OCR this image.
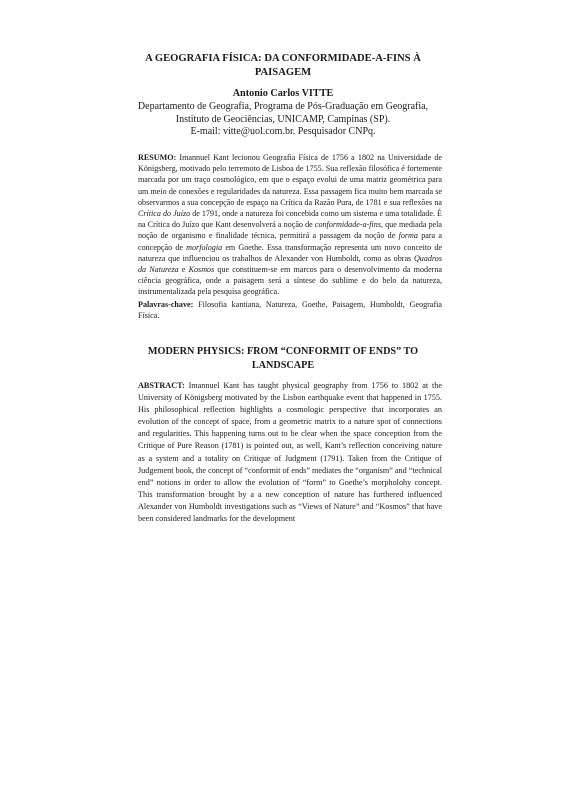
A GEOGRAFIA FÍSICA: DA CONFORMIDADE-A-FINS À PAISAGEM
Antonio Carlos VITTE
Departamento de Geografia, Programa de Pós-Graduação em Geografia,
Instituto de Geociências, UNICAMP, Campinas (SP).
E-mail: vitte@uol.com.br. Pesquisador CNPq.
RESUMO: Imannuel Kant lecionou Geografia Física de 1756 a 1802 na Universidade de Königsberg, motivado pelo terremoto de Lisboa de 1755. Sua reflexão filosófica é fortemente marcada por um traço cosmológico, em que o espaço evolui de uma matriz geométrica para um meio de conexões e regularidades da natureza. Essa passagem fica muito bem marcada se observarmos a sua concepção de espaço na Crítica da Razão Pura, de 1781 e sua reflexões na Crítica do Juízo de 1791, onde a natureza foi concebida como um sistema e uma totalidade. É na Crítica do Juízo que Kant desenvolverá a noção de conformidade-a-fins, que mediada pela noção de organismo e finalidade técnica, permitirá a passagem da noção de forma para a concepção de morfologia em Goethe. Essa transformação representa um novo conceito de natureza que influenciou os trabalhos de Alexander von Humboldt, como as obras Quadros da Natureza e Kosmos que constituem-se em marcos para o desenvolvimento da moderna ciência geográfica, onde a paisagem será a síntese do sublime e do belo da natureza, instrumentalizada pela pesquisa geográfica.
Palavras-chave: Filosofia kantiana, Natureza, Goethe, Paisagem, Humboldt, Geografia Física.
MODERN PHYSICS: FROM “CONFORMIT OF ENDS” TO LANDSCAPE
ABSTRACT: Imannuel Kant has taught physical geography from 1756 to 1802 at the University of Königsberg motivated by the Lisbon earthquake event that happened in 1755. His philosophical reflection highlights a cosmologic perspective that incorporates an evolution of the concept of space, from a geometric matrix to a nature spot of connections and regularities. This happening turns out to be clear when the space conception from the Critique of Pure Reason (1781) is pointed out, as well, Kant’s reflection conceiving nature as a system and a totality on Critique of Judgment (1791). Taken from the Critique of Judgement book, the concept of “conformit of ends” mediates the “organism” and “technical end” notions in order to allow the evolution of “form” to Goethe’s morpholohy concept. This transformation brought by a a new conception of nature has furthered influenced Alexander von Humboldt investigations such as “Views of Nature” and “Kosmos” that have been considered landmarks for the development
